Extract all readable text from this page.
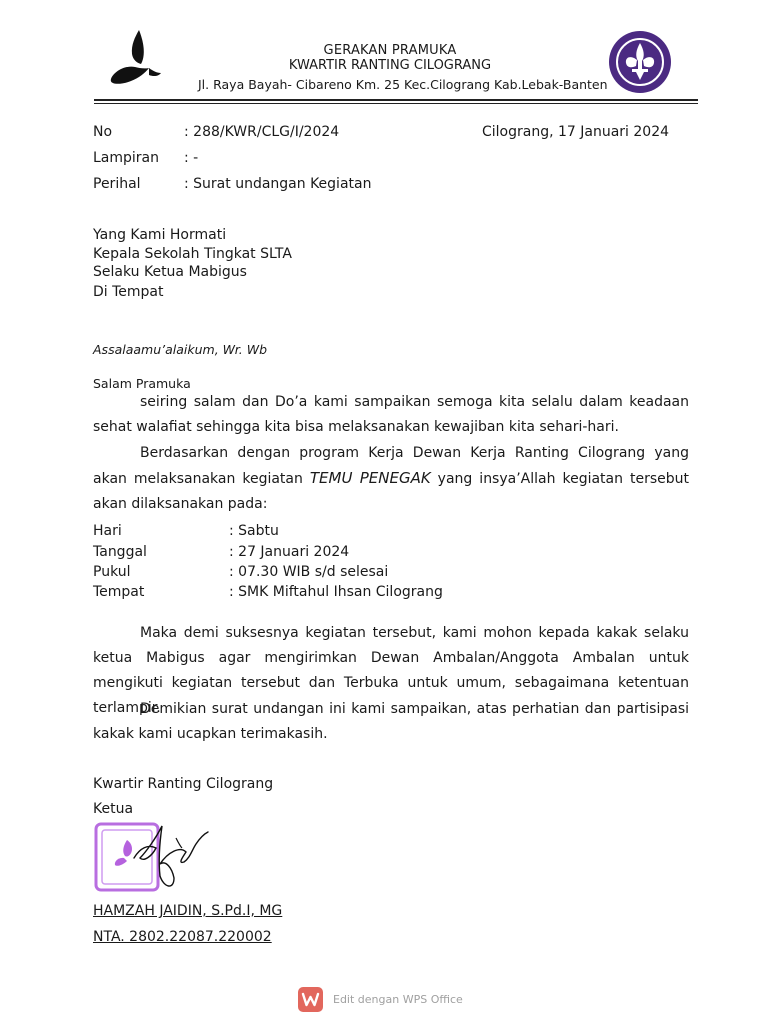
GERAKAN PRAMUKA
KWARTIR RANTING CILOGRANG
Jl. Raya Bayah- Cibareno Km. 25 Kec.Cilograng Kab.Lebak-Banten
No	: 288/KWR/CLG/I/2024	Cilograng, 17 Januari 2024
Lampiran : -
Perihal	: Surat undangan Kegiatan
Yang Kami Hormati
Kepala Sekolah Tingkat SLTA
Selaku Ketua Mabigus
Di Tempat
Assalaamu’alaikum, Wr. Wb
Salam Pramuka
seiring salam dan Do’a kami sampaikan semoga kita selalu dalam keadaan sehat walafiat sehingga kita bisa melaksanakan kewajiban kita sehari-hari.
Berdasarkan dengan program Kerja Dewan Kerja Ranting Cilograng yang akan melaksanakan kegiatan TEMU PENEGAK yang insya’Allah kegiatan tersebut akan dilaksanakan pada:
Hari	: Sabtu
Tanggal	: 27 Januari 2024
Pukul	: 07.30 WIB s/d selesai
Tempat	: SMK Miftahul Ihsan Cilograng
Maka demi suksesnya kegiatan tersebut, kami mohon kepada kakak selaku ketua Mabigus agar mengirimkan Dewan Ambalan/Anggota Ambalan untuk mengikuti kegiatan tersebut dan Terbuka untuk umum, sebagaimana ketentuan terlampir.
Demikian surat undangan ini kami sampaikan, atas perhatian dan partisipasi kakak kami ucapkan terimakasih.
Kwartir Ranting Cilograng
Ketua
HAMZAH JAIDIN, S.Pd.I, MG
NTA. 2802.22087.220002
Edit dengan WPS Office
